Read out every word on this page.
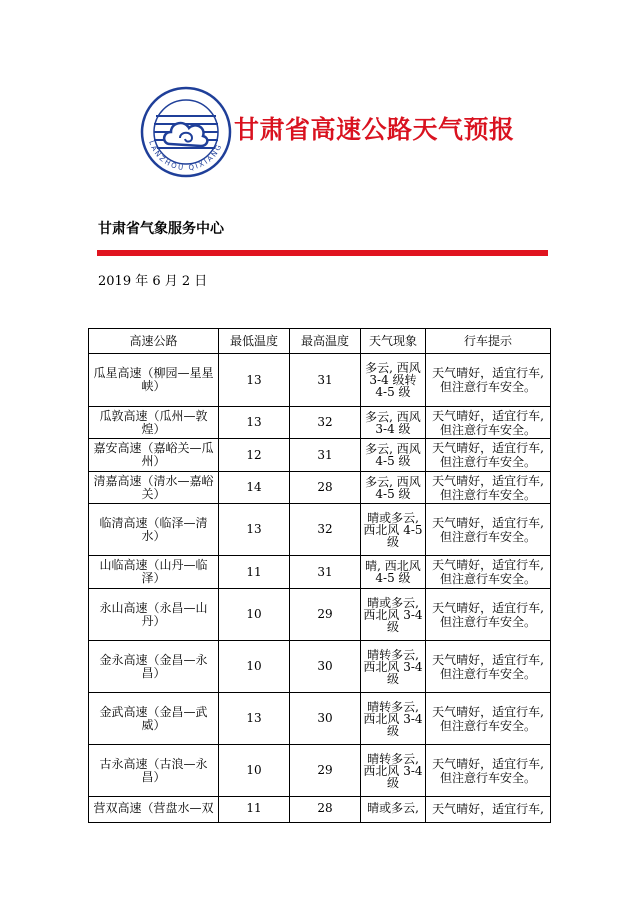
LANZHOU QIXIANG
甘肃省高速公路天气预报
甘肃省气象服务中心
2019 年 6 月 2 日
高速公路	最低温度	最高温度	天气现象	行车提示
瓜星高速（柳园—星星峡）	13	31	多云, 西风 3-4 级转 4-5 级	天气晴好，适宜行车, 但注意行车安全。
瓜敦高速（瓜州—敦煌）	13	32	多云, 西风 3-4 级	天气晴好，适宜行车, 但注意行车安全。
嘉安高速（嘉峪关—瓜州）	12	31	多云, 西风 4-5 级	天气晴好，适宜行车, 但注意行车安全。
清嘉高速（清水—嘉峪关）	14	28	多云, 西风 4-5 级	天气晴好，适宜行车, 但注意行车安全。
临清高速（临泽—清水）	13	32	晴或多云, 西北风 4-5 级	天气晴好，适宜行车, 但注意行车安全。
山临高速（山丹—临泽）	11	31	晴, 西北风 4-5 级	天气晴好，适宜行车, 但注意行车安全。
永山高速（永昌—山丹）	10	29	晴或多云, 西北风 3-4 级	天气晴好，适宜行车, 但注意行车安全。
金永高速（金昌—永昌）	10	30	晴转多云, 西北风 3-4 级	天气晴好，适宜行车, 但注意行车安全。
金武高速（金昌—武威）	13	30	晴转多云, 西北风 3-4 级	天气晴好，适宜行车, 但注意行车安全。
古永高速（古浪—永昌）	10	29	晴转多云, 西北风 3-4 级	天气晴好，适宜行车, 但注意行车安全。
营双高速（营盘水—双	11	28	晴或多云,	天气晴好，适宜行车,
